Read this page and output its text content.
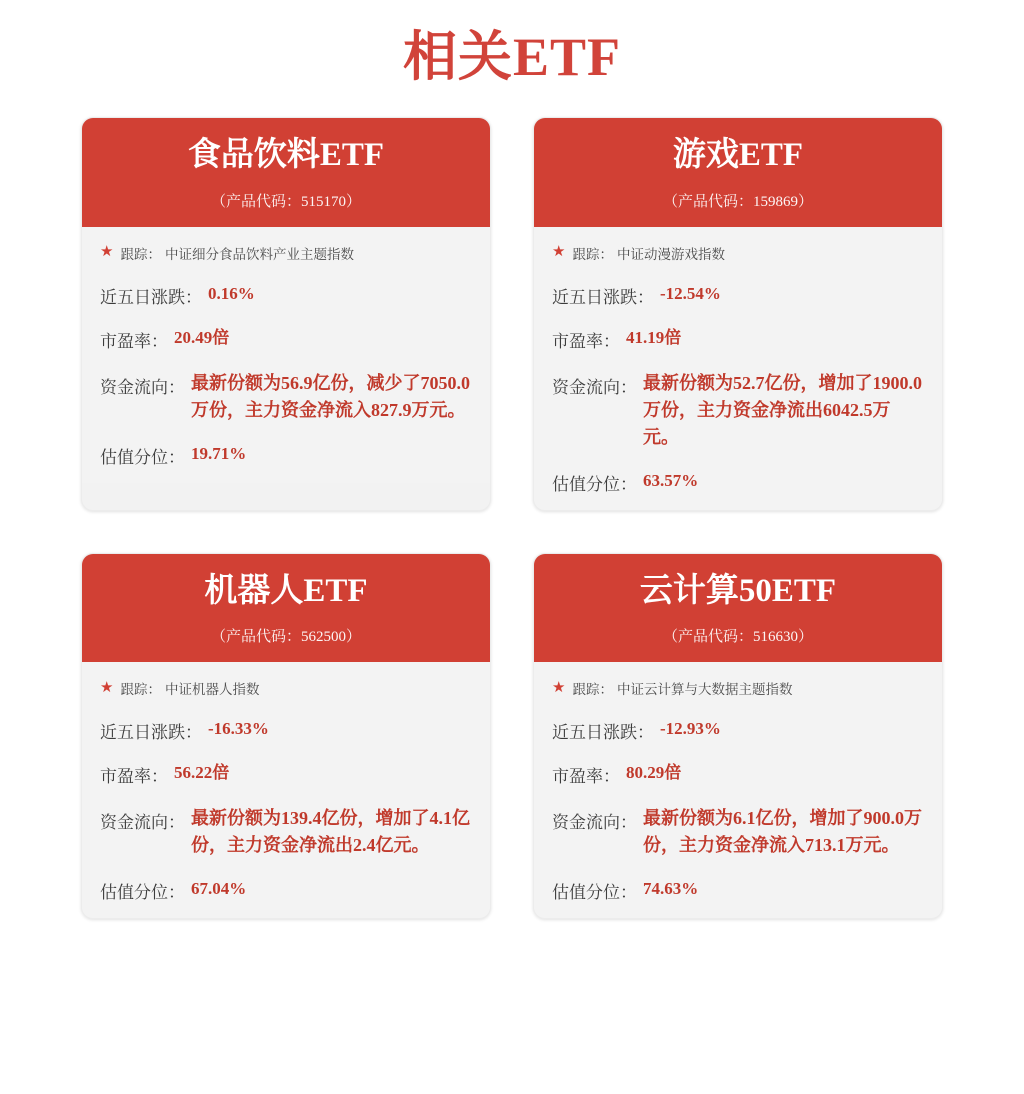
相关ETF
食品饮料ETF
（产品代码：515170）
★ 跟踪： 中证细分食品饮料产业主题指数
近五日涨跌： 0.16%
市盈率： 20.49倍
资金流向： 最新份额为56.9亿份，减少了7050.0万份，主力资金净流入827.9万元。
估值分位： 19.71%
游戏ETF
（产品代码：159869）
★ 跟踪： 中证动漫游戏指数
近五日涨跌： -12.54%
市盈率： 41.19倍
资金流向： 最新份额为52.7亿份，增加了1900.0万份，主力资金净流出6042.5万元。
估值分位： 63.57%
机器人ETF
（产品代码：562500）
★ 跟踪： 中证机器人指数
近五日涨跌： -16.33%
市盈率： 56.22倍
资金流向： 最新份额为139.4亿份，增加了4.1亿份，主力资金净流出2.4亿元。
估值分位： 67.04%
云计算50ETF
（产品代码：516630）
★ 跟踪： 中证云计算与大数据主题指数
近五日涨跌： -12.93%
市盈率： 80.29倍
资金流向： 最新份额为6.1亿份，增加了900.0万份，主力资金净流入713.1万元。
估值分位： 74.63%
